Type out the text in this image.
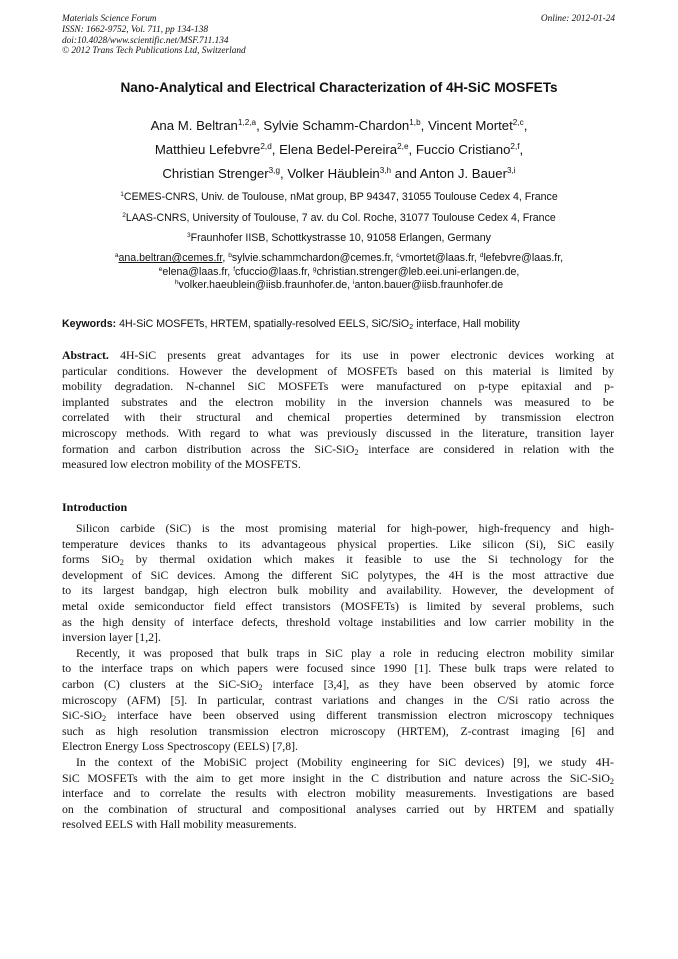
Materials Science Forum
ISSN: 1662-9752, Vol. 711, pp 134-138
doi:10.4028/www.scientific.net/MSF.711.134
© 2012 Trans Tech Publications Ltd, Switzerland
Online: 2012-01-24
Nano-Analytical and Electrical Characterization of 4H-SiC MOSFETs
Ana M. Beltran$^{1,2,a}$, Sylvie Schamm-Chardon$^{1,b}$, Vincent Mortet$^{2,c}$,
Matthieu Lefebvre$^{2,d}$, Elena Bedel-Pereira$^{2,e}$, Fuccio Cristiano$^{2,f}$,
Christian Strenger$^{3,g}$, Volker Häublein$^{3,h}$ and Anton J. Bauer$^{3,i}$
$^1$CEMES-CNRS, Univ. de Toulouse, nMat group, BP 94347, 31055 Toulouse Cedex 4, France
$^2$LAAS-CNRS, University of Toulouse, 7 av. du Col. Roche, 31077 Toulouse Cedex 4, France
$^3$Fraunhofer IISB, Schottkystrasse 10, 91058 Erlangen, Germany
$^a$ana.beltran@cemes.fr, $^b$sylvie.schammchardon@cemes.fr, $^c$vmortet@laas.fr, $^d$lefebvre@laas.fr,
$^e$elena@laas.fr, $^f$cfuccio@laas.fr, $^g$christian.strenger@leb.eei.uni-erlangen.de,
$^h$volker.haeublein@iisb.fraunhofer.de, $^i$anton.bauer@iisb.fraunhofer.de
Keywords: 4H-SiC MOSFETs, HRTEM, spatially-resolved EELS, SiC/SiO$_2$ interface, Hall mobility
Abstract. 4H-SiC presents great advantages for its use in power electronic devices working at
particular conditions. However the development of MOSFETs based on this material is limited by
mobility degradation. N-channel SiC MOSFETs were manufactured on p-type epitaxial and p-
implanted substrates and the electron mobility in the inversion channels was measured to be
correlated with their structural and chemical properties determined by transmission electron
microscopy methods. With regard to what was previously discussed in the literature, transition layer
formation and carbon distribution across the SiC-SiO$_2$ interface are considered in relation with the
measured low electron mobility of the MOSFETS.
Introduction
Silicon carbide (SiC) is the most promising material for high-power, high-frequency and high-
temperature devices thanks to its advantageous physical properties. Like silicon (Si), SiC easily
forms SiO$_2$ by thermal oxidation which makes it feasible to use the Si technology for the
development of SiC devices. Among the different SiC polytypes, the 4H is the most attractive due
to its largest bandgap, high electron bulk mobility and availability. However, the development of
metal oxide semiconductor field effect transistors (MOSFETs) is limited by several problems, such
as the high density of interface defects, threshold voltage instabilities and low carrier mobility in the
inversion layer [1,2].
Recently, it was proposed that bulk traps in SiC play a role in reducing electron mobility similar
to the interface traps on which papers were focused since 1990 [1]. These bulk traps were related to
carbon (C) clusters at the SiC-SiO$_2$ interface [3,4], as they have been observed by atomic force
microscopy (AFM) [5]. In particular, contrast variations and changes in the C/Si ratio across the
SiC-SiO$_2$ interface have been observed using different transmission electron microscopy techniques
such as high resolution transmission electron microscopy (HRTEM), Z-contrast imaging [6] and
Electron Energy Loss Spectroscopy (EELS) [7,8].
In the context of the MobiSiC project (Mobility engineering for SiC devices) [9], we study 4H-
SiC MOSFETs with the aim to get more insight in the C distribution and nature across the SiC-SiO$_2$
interface and to correlate the results with electron mobility measurements. Investigations are based
on the combination of structural and compositional analyses carried out by HRTEM and spatially
resolved EELS with Hall mobility measurements.
